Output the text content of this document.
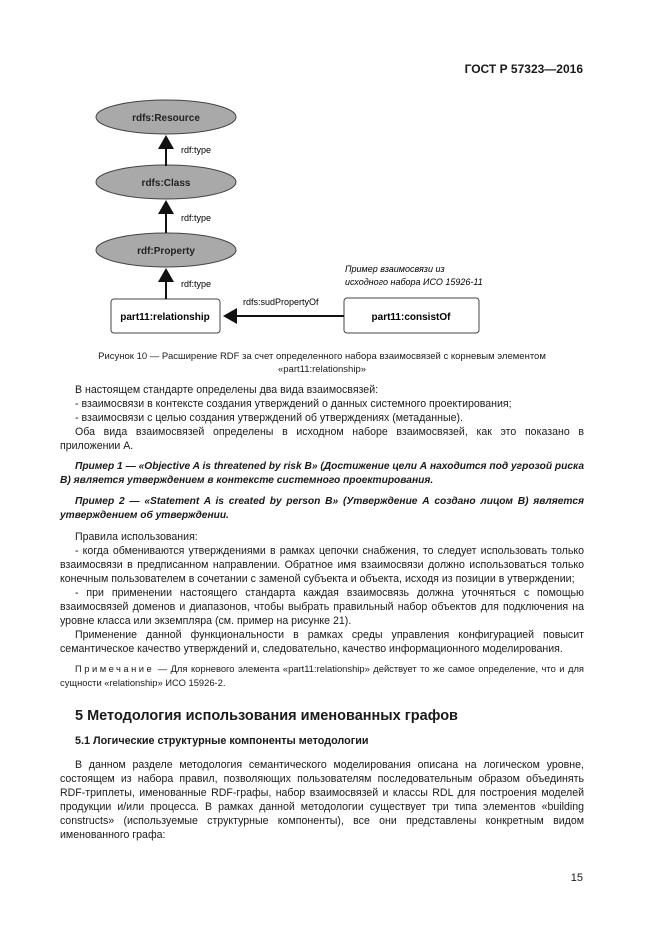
ГОСТ Р 57323—2016
rdfs:Resource
rdfs:Class
rdf:Property
part11:relationship	part11:consistOf
rdf:type
rdf:type
rdf:type
rdfs:sudPropertyOf
Пример взаимосвязи из
исходного набора ИСО 15926-11
Рисунок 10 — Расширение RDF за счет определенного набора взаимосвязей с корневым элементом
«part11:relationship»

В настоящем стандарте определены два вида взаимосвязей:

- взаимосвязи в контексте создания утверждений о данных системного проектирования;

- взаимосвязи с целью создания утверждений об утверждениях (метаданные).

Оба вида взаимосвязей определены в исходном наборе взаимосвязей, как это показано в приложении А.

Пример 1 — «Objective A is threatened by risk B» (Достижение цели А находится под угрозой риска В) является утверждением в контексте системного проектирования.

Пример 2 — «Statement A is created by person B» (Утверждение А создано лицом В) является утверждением об утверждении.

Правила использования:

- когда обмениваются утверждениями в рамках цепочки снабжения, то следует использовать только взаимосвязи в предписанном направлении. Обратное имя взаимосвязи должно использоваться только конечным пользователем в сочетании с заменой субъекта и объекта, исходя из позиции в утверждении;

- при применении настоящего стандарта каждая взаимосвязь должна уточняться с помощью взаимосвязей доменов и диапазонов, чтобы выбрать правильный набор объектов для подключения на уровне класса или экземпляра (см. пример на рисунке 21).

Применение данной функциональности в рамках среды управления конфигурацией повысит семантическое качество утверждений и, следовательно, качество информационного моделирования.

Примечание — Для корневого элемента «part11:relationship» действует то же самое определение, что и для сущности «relationship» ИСО 15926-2.

5 Методология использования именованных графов
5.1 Логические структурные компоненты методологии

В данном разделе методология семантического моделирования описана на логическом уровне, состоящем из набора правил, позволяющих пользователям последовательным образом объединять RDF-триплеты, именованные RDF-графы, набор взаимосвязей и классы RDL для построения моделей продукции и/или процесса. В рамках данной методологии существует три типа элементов «building constructs» (используемые структурные компоненты), все они представлены конкретным видом именованного графа:

15
